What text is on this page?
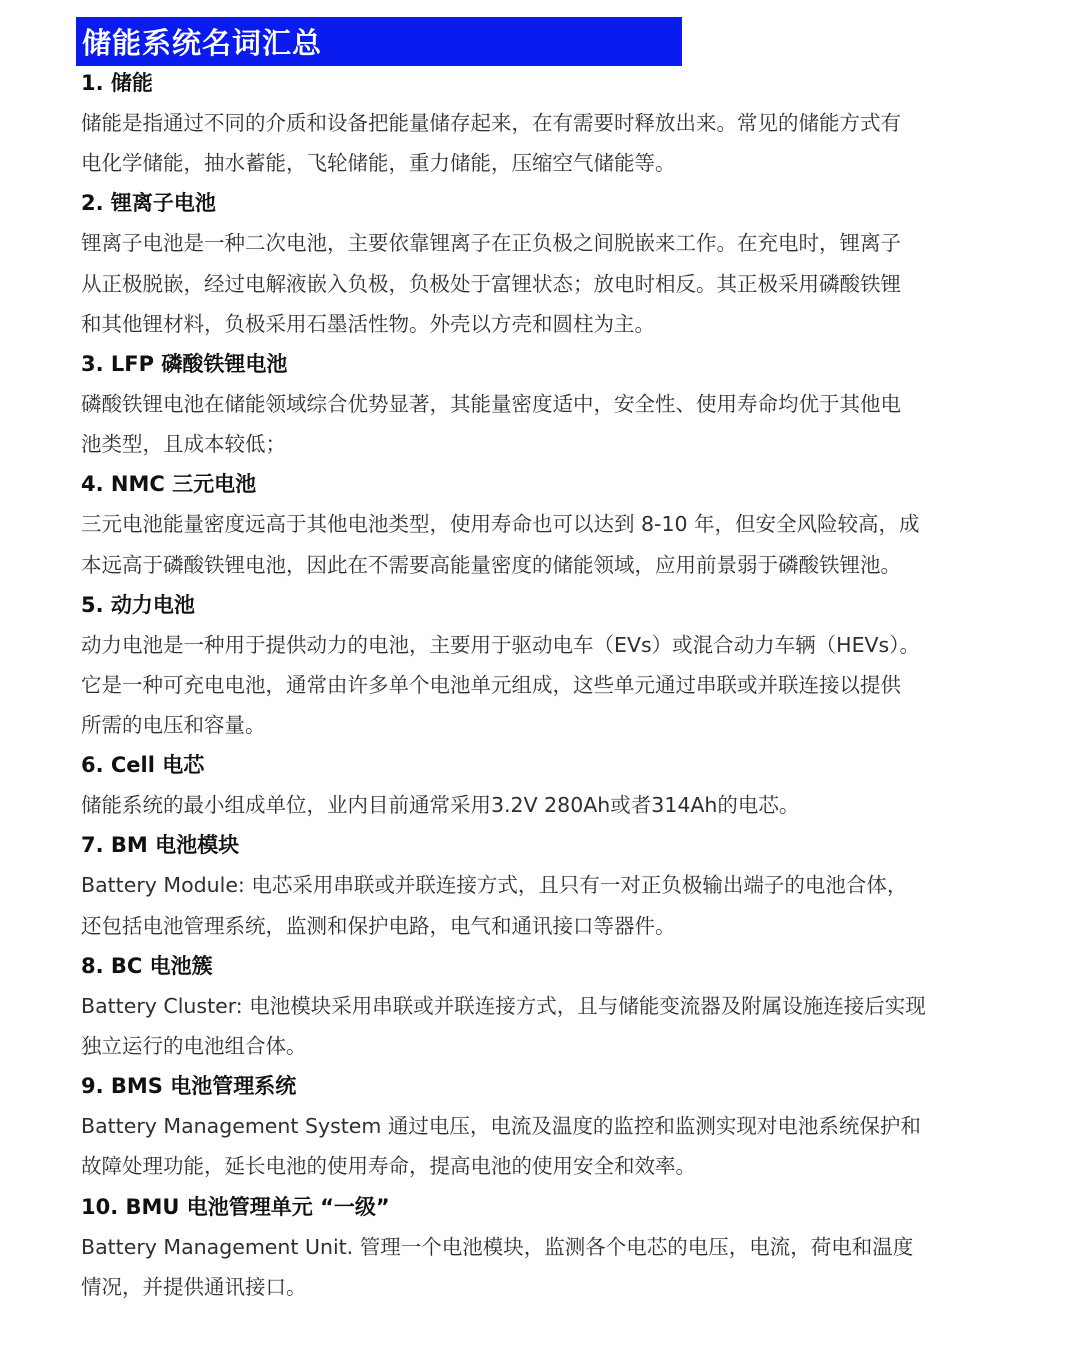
储能系统名词汇总
1. 储能
储能是指通过不同的介质和设备把能量储存起来，在有需要时释放出来。常见的储能方式有
电化学储能，抽水蓄能，飞轮储能，重力储能，压缩空气储能等。
2. 锂离子电池
锂离子电池是一种二次电池，主要依靠锂离子在正负极之间脱嵌来工作。在充电时，锂离子
从正极脱嵌，经过电解液嵌入负极，负极处于富锂状态；放电时相反。其正极采用磷酸铁锂
和其他锂材料，负极采用石墨活性物。外壳以方壳和圆柱为主。
3. LFP 磷酸铁锂电池
磷酸铁锂电池在储能领域综合优势显著，其能量密度适中，安全性、使用寿命均优于其他电
池类型，且成本较低；
4. NMC 三元电池
三元电池能量密度远高于其他电池类型，使用寿命也可以达到 8-10 年，但安全风险较高，成
本远高于磷酸铁锂电池，因此在不需要高能量密度的储能领域，应用前景弱于磷酸铁锂池。
5. 动力电池
动力电池是一种用于提供动力的电池，主要用于驱动电车（EVs）或混合动力车辆（HEVs）。
它是一种可充电电池，通常由许多单个电池单元组成，这些单元通过串联或并联连接以提供
所需的电压和容量。
6. Cell 电芯
储能系统的最小组成单位，业内目前通常采用3.2V 280Ah或者314Ah的电芯。
7. BM 电池模块
Battery Module: 电芯采用串联或并联连接方式，且只有一对正负极输出端子的电池合体，
还包括电池管理系统，监测和保护电路，电气和通讯接口等器件。
8. BC 电池簇
Battery Cluster: 电池模块采用串联或并联连接方式，且与储能变流器及附属设施连接后实现
独立运行的电池组合体。
9. BMS 电池管理系统
Battery Management System 通过电压，电流及温度的监控和监测实现对电池系统保护和
故障处理功能，延长电池的使用寿命，提高电池的使用安全和效率。
10. BMU 电池管理单元 “一级”
Battery Management Unit. 管理一个电池模块，监测各个电芯的电压，电流，荷电和温度
情况，并提供通讯接口。
